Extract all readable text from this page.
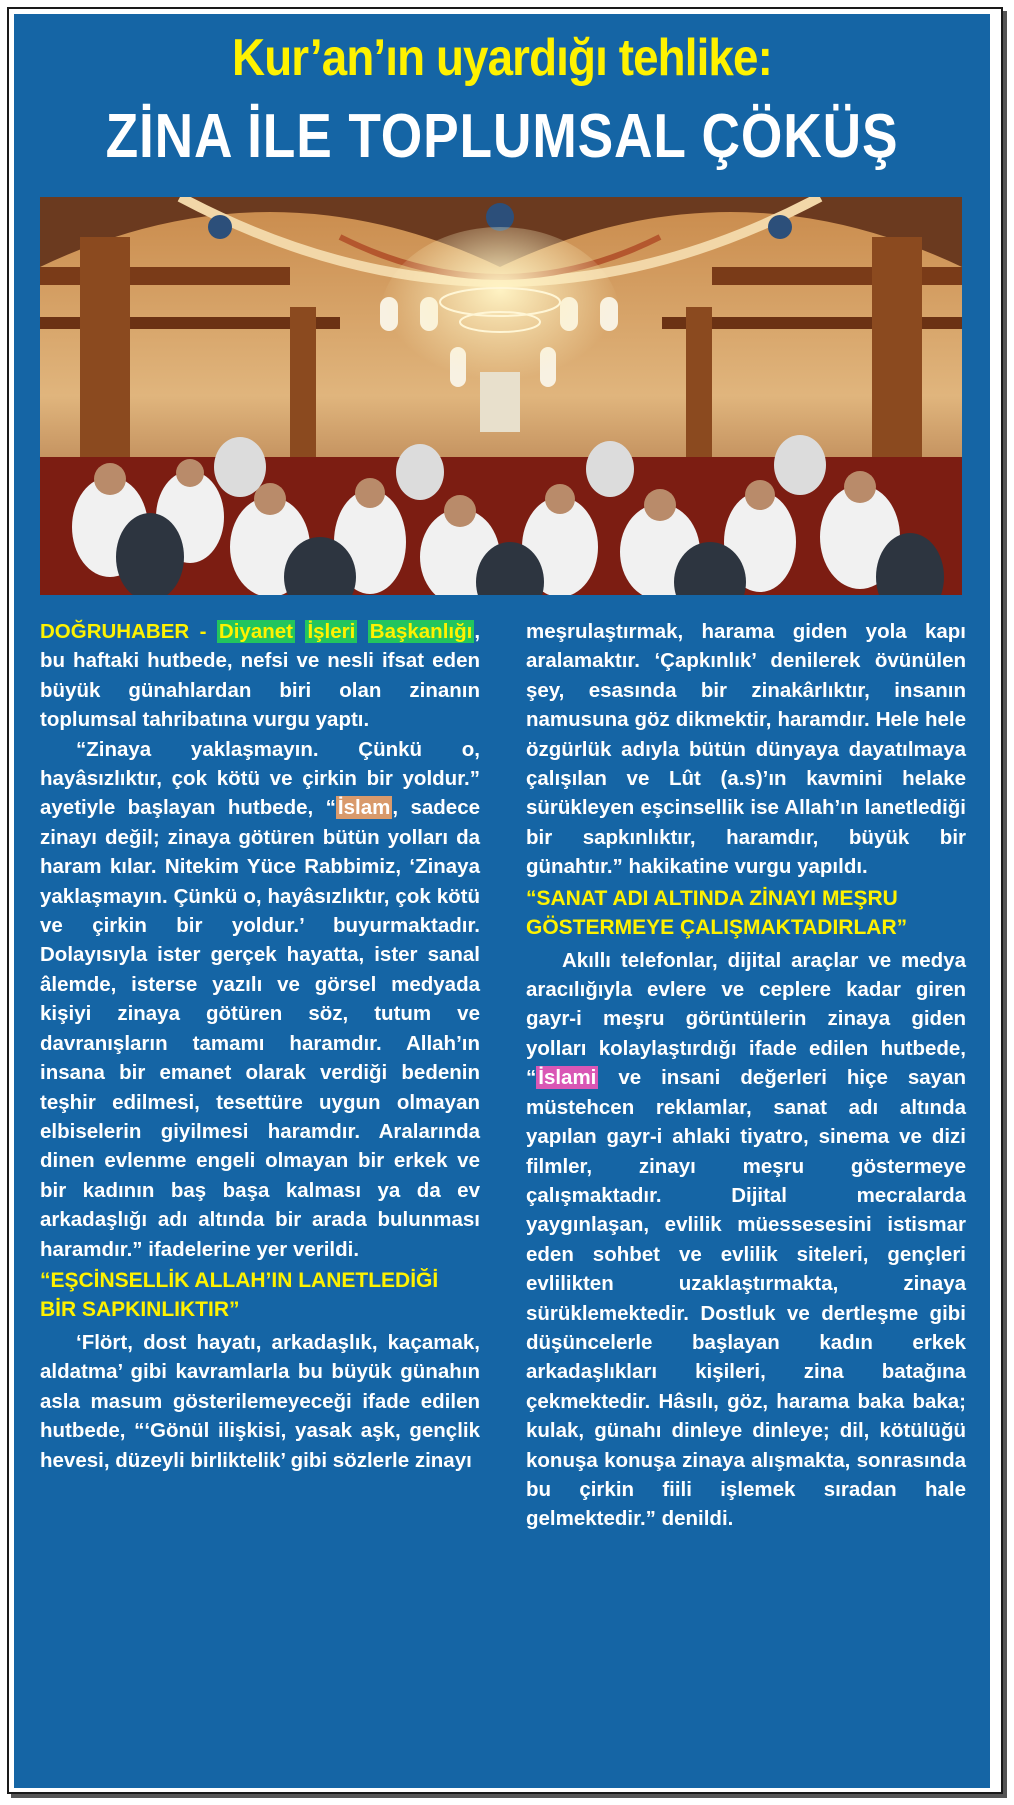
Kur’an’ın uyardığı tehlike:
ZİNA İLE TOPLUMSAL ÇÖKÜŞ

DOĞRUHABER - Diyanet İşleri Başkanlığı, bu haftaki hutbede, nefsi ve nesli ifsat eden büyük günahlardan biri olan zinanın toplumsal tahribatına vurgu yaptı.

“Zinaya yaklaşmayın. Çünkü o, hayâsızlıktır, çok kötü ve çirkin bir yoldur.” ayetiyle başlayan hutbede, “İslam, sadece zinayı değil; zinaya götüren bütün yolları da haram kılar. Nitekim Yüce Rabbimiz, ‘Zinaya yaklaşmayın. Çünkü o, hayâsızlıktır, çok kötü ve çirkin bir yoldur.’ buyurmaktadır. Dolayısıyla ister gerçek hayatta, ister sanal âlemde, isterse yazılı ve görsel medyada kişiyi zinaya götüren söz, tutum ve davranışların tamamı haramdır. Allah’ın insana bir emanet olarak verdiği bedenin teşhir edilmesi, tesettüre uygun olmayan elbiselerin giyilmesi haramdır. Aralarında dinen evlenme engeli olmayan bir erkek ve bir kadının baş başa kalması ya da ev arkadaşlığı adı altında bir arada bulunması haramdır.” ifadelerine yer verildi.

“EŞCİNSELLİK ALLAH’IN LANETLEDİĞİ BİR SAPKINLIKTIR”

‘Flört, dost hayatı, arkadaşlık, kaçamak, aldatma’ gibi kavramlarla bu büyük günahın asla masum gösterilemeyeceği ifade edilen hutbede, “‘Gönül ilişkisi, yasak aşk, gençlik hevesi, düzeyli birliktelik’ gibi sözlerle zinayı

meşrulaştırmak, harama giden yola kapı aralamaktır. ‘Çapkınlık’ denilerek övünülen şey, esasında bir zinakârlıktır, insanın namusuna göz dikmektir, haramdır. Hele hele özgürlük adıyla bütün dünyaya dayatılmaya çalışılan ve Lût (a.s)’ın kavmini helake sürükleyen eşcinsellik ise Allah’ın lanetlediği bir sapkınlıktır, haramdır, büyük bir günahtır.” hakikatine vurgu yapıldı.

“SANAT ADI ALTINDA ZİNAYI MEŞRU GÖSTERMEYE ÇALIŞMAKTADIRLAR”

Akıllı telefonlar, dijital araçlar ve medya aracılığıyla evlere ve ceplere kadar giren gayr-i meşru görüntülerin zinaya giden yolları kolaylaştırdığı ifade edilen hutbede, “İslami ve insani değerleri hiçe sayan müstehcen reklamlar, sanat adı altında yapılan gayr-i ahlaki tiyatro, sinema ve dizi filmler, zinayı meşru göstermeye çalışmaktadır. Dijital mecralarda yaygınlaşan, evlilik müessesesini istismar eden sohbet ve evlilik siteleri, gençleri evlilikten uzaklaştırmakta, zinaya sürüklemektedir. Dostluk ve dertleşme gibi düşüncelerle başlayan kadın erkek arkadaşlıkları kişileri, zina batağına çekmektedir. Hâsılı, göz, harama baka baka; kulak, günahı dinleye dinleye; dil, kötülüğü konuşa konuşa zinaya alışmakta, sonrasında bu çirkin fiili işlemek sıradan hale gelmektedir.” denildi.
